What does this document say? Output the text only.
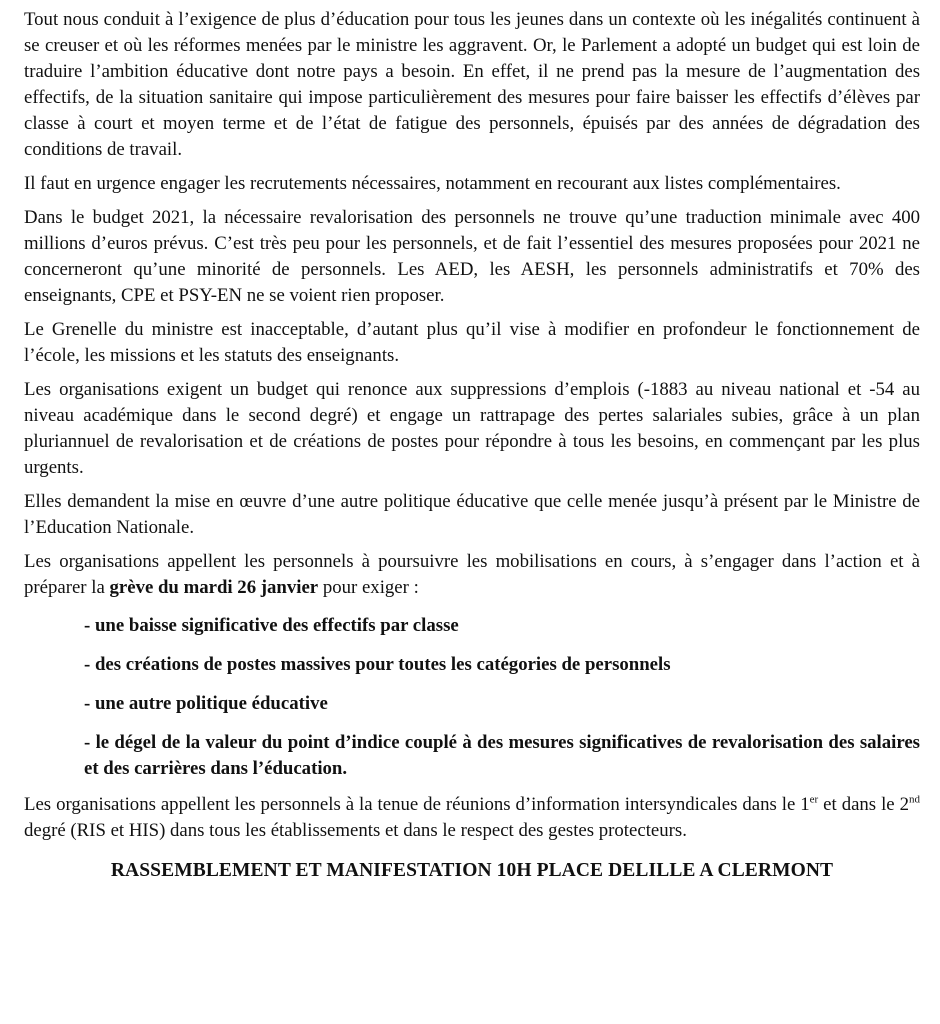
Tout nous conduit à l’exigence de plus d’éducation pour tous les jeunes dans un contexte où les inégalités continuent à se creuser et où les réformes menées par le ministre les aggravent. Or, le Parlement a adopté un budget qui est loin de traduire l’ambition éducative dont notre pays a besoin. En effet, il ne prend pas la mesure de l’augmentation des effectifs, de la situation sanitaire qui impose particulièrement des mesures pour faire baisser les effectifs d’élèves par classe à court et moyen terme et de l’état de fatigue des personnels, épuisés par des années de dégradation des conditions de travail.

Il faut en urgence engager les recrutements nécessaires, notamment en recourant aux listes complémentaires.

Dans le budget 2021, la nécessaire revalorisation des personnels ne trouve qu’une traduction minimale avec 400 millions d’euros prévus. C’est très peu pour les personnels, et de fait l’essentiel des mesures proposées pour 2021 ne concerneront qu’une minorité de personnels. Les AED, les AESH, les personnels administratifs et 70% des enseignants, CPE et PSY-EN ne se voient rien proposer.

Le Grenelle du ministre est inacceptable, d’autant plus qu’il vise à modifier en profondeur le fonctionnement de l’école, les missions et les statuts des enseignants.

Les organisations exigent un budget qui renonce aux suppressions d’emplois (-1883 au niveau national et -54 au niveau académique dans le second degré) et engage un rattrapage des pertes salariales subies, grâce à un plan pluriannuel de revalorisation et de créations de postes pour répondre à tous les besoins, en commençant par les plus urgents.

Elles demandent la mise en œuvre d’une autre politique éducative que celle menée jusqu’à présent par le Ministre de l’Education Nationale.

Les organisations appellent les personnels à poursuivre les mobilisations en cours, à s’engager dans l’action et à préparer la grève du mardi 26 janvier pour exiger :

- une baisse significative des effectifs par classe
- des créations de postes massives pour toutes les catégories de personnels
- une autre politique éducative
- le dégel de la valeur du point d’indice couplé à des mesures significatives de revalorisation des salaires et des carrières dans l’éducation.

Les organisations appellent les personnels à la tenue de réunions d’information intersyndicales dans le 1er et dans le 2nd degré (RIS et HIS) dans tous les établissements et dans le respect des gestes protecteurs.

RASSEMBLEMENT ET MANIFESTATION 10H PLACE DELILLE A CLERMONT
